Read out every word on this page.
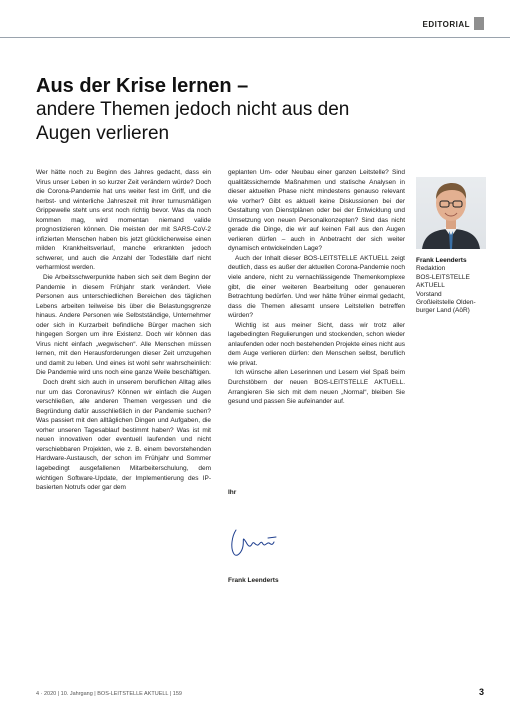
EDITORIAL
Aus der Krise lernen –
andere Themen jedoch nicht aus den
Augen verlieren

Wer hätte noch zu Beginn des Jahres gedacht, dass ein Virus unser Leben in so kurzer Zeit verändern würde? Doch die Corona-Pandemie hat uns weiter fest im Griff, und die herbst- und winterliche Jahreszeit mit ihrer turnusmäßigen Grippewelle steht uns erst noch richtig bevor. Was da noch kommen mag, wird momentan niemand valide prognostizieren können. Die meisten der mit SARS-CoV-2 infizierten Menschen haben bis jetzt glücklicherweise einen milden Krankheitsverlauf, manche erkrankten jedoch schwerer, und auch die Anzahl der Todesfälle darf nicht verharmlost werden.

Die Arbeitsschwerpunkte haben sich seit dem Beginn der Pandemie in diesem Frühjahr stark verändert. Viele Personen aus unterschiedlichen Bereichen des täglichen Lebens arbeiten teilweise bis über die Belastungsgrenze hinaus. Andere Personen wie Selbstständige, Unternehmer oder sich in Kurzarbeit befindliche Bürger machen sich hingegen Sorgen um ihre Existenz. Doch wir können das Virus nicht einfach „wegwischen“. Alle Menschen müssen lernen, mit den Herausforderungen dieser Zeit umzugehen und damit zu leben. Und eines ist wohl sehr wahrscheinlich: Die Pandemie wird uns noch eine ganze Weile beschäftigen.

Doch dreht sich auch in unserem beruflichen Alltag alles nur um das Coronavirus? Können wir einfach die Augen verschließen, alle anderen Themen vergessen und die Begründung dafür ausschließlich in der Pandemie suchen? Was passiert mit den alltäglichen Dingen und Aufgaben, die vorher unseren Tagesablauf bestimmt haben? Was ist mit neuen innovativen oder eventuell laufenden und nicht verschiebbaren Projekten, wie z. B. einem bevorstehenden Hardware-Austausch, der schon im Frühjahr und Sommer lagebedingt ausgefallenen Mitarbeiterschulung, dem wichtigen Software-Update, der Implementierung des IP-basierten Notrufs oder gar dem

geplanten Um- oder Neubau einer ganzen Leitstelle? Sind qualitätssichernde Maßnahmen und statische Analysen in dieser aktuellen Phase nicht mindestens genauso relevant wie vorher? Gibt es aktuell keine Diskussionen bei der Gestaltung von Dienstplänen oder bei der Entwicklung und Umsetzung von neuen Personalkonzepten? Sind das nicht gerade die Dinge, die wir auf keinen Fall aus den Augen verlieren dürfen – auch in Anbetracht der sich weiter dynamisch entwickelnden Lage?

Auch der Inhalt dieser BOS-LEITSTELLE AKTUELL zeigt deutlich, dass es außer der aktuellen Corona-Pandemie noch viele andere, nicht zu vernachlässigende Themenkomplexe gibt, die einer weiteren Bearbeitung oder genaueren Betrachtung bedürfen. Und wer hätte früher einmal gedacht, dass die Themen allesamt unsere Leitstellen betreffen würden?

Wichtig ist aus meiner Sicht, dass wir trotz aller lagebedingten Regulierungen und stockenden, schon wieder anlaufenden oder noch bestehenden Projekte eines nicht aus dem Auge verlieren dürfen: den Menschen selbst, beruflich wie privat.

Ich wünsche allen Leserinnen und Lesern viel Spaß beim Durchstöbern der neuen BOS-LEITSTELLE AKTUELL. Arrangieren Sie sich mit dem neuen „Normal“, bleiben Sie gesund und passen Sie aufeinander auf.

Ihr
Frank Leenderts
Frank Leenderts
Redaktion
BOS-LEITSTELLE
AKTUELL
Vorstand
Großleitstelle Olden-
burger Land (AöR)
4 · 2020 | 10. Jahrgang | BOS-LEITSTELLE AKTUELL | 159	3
